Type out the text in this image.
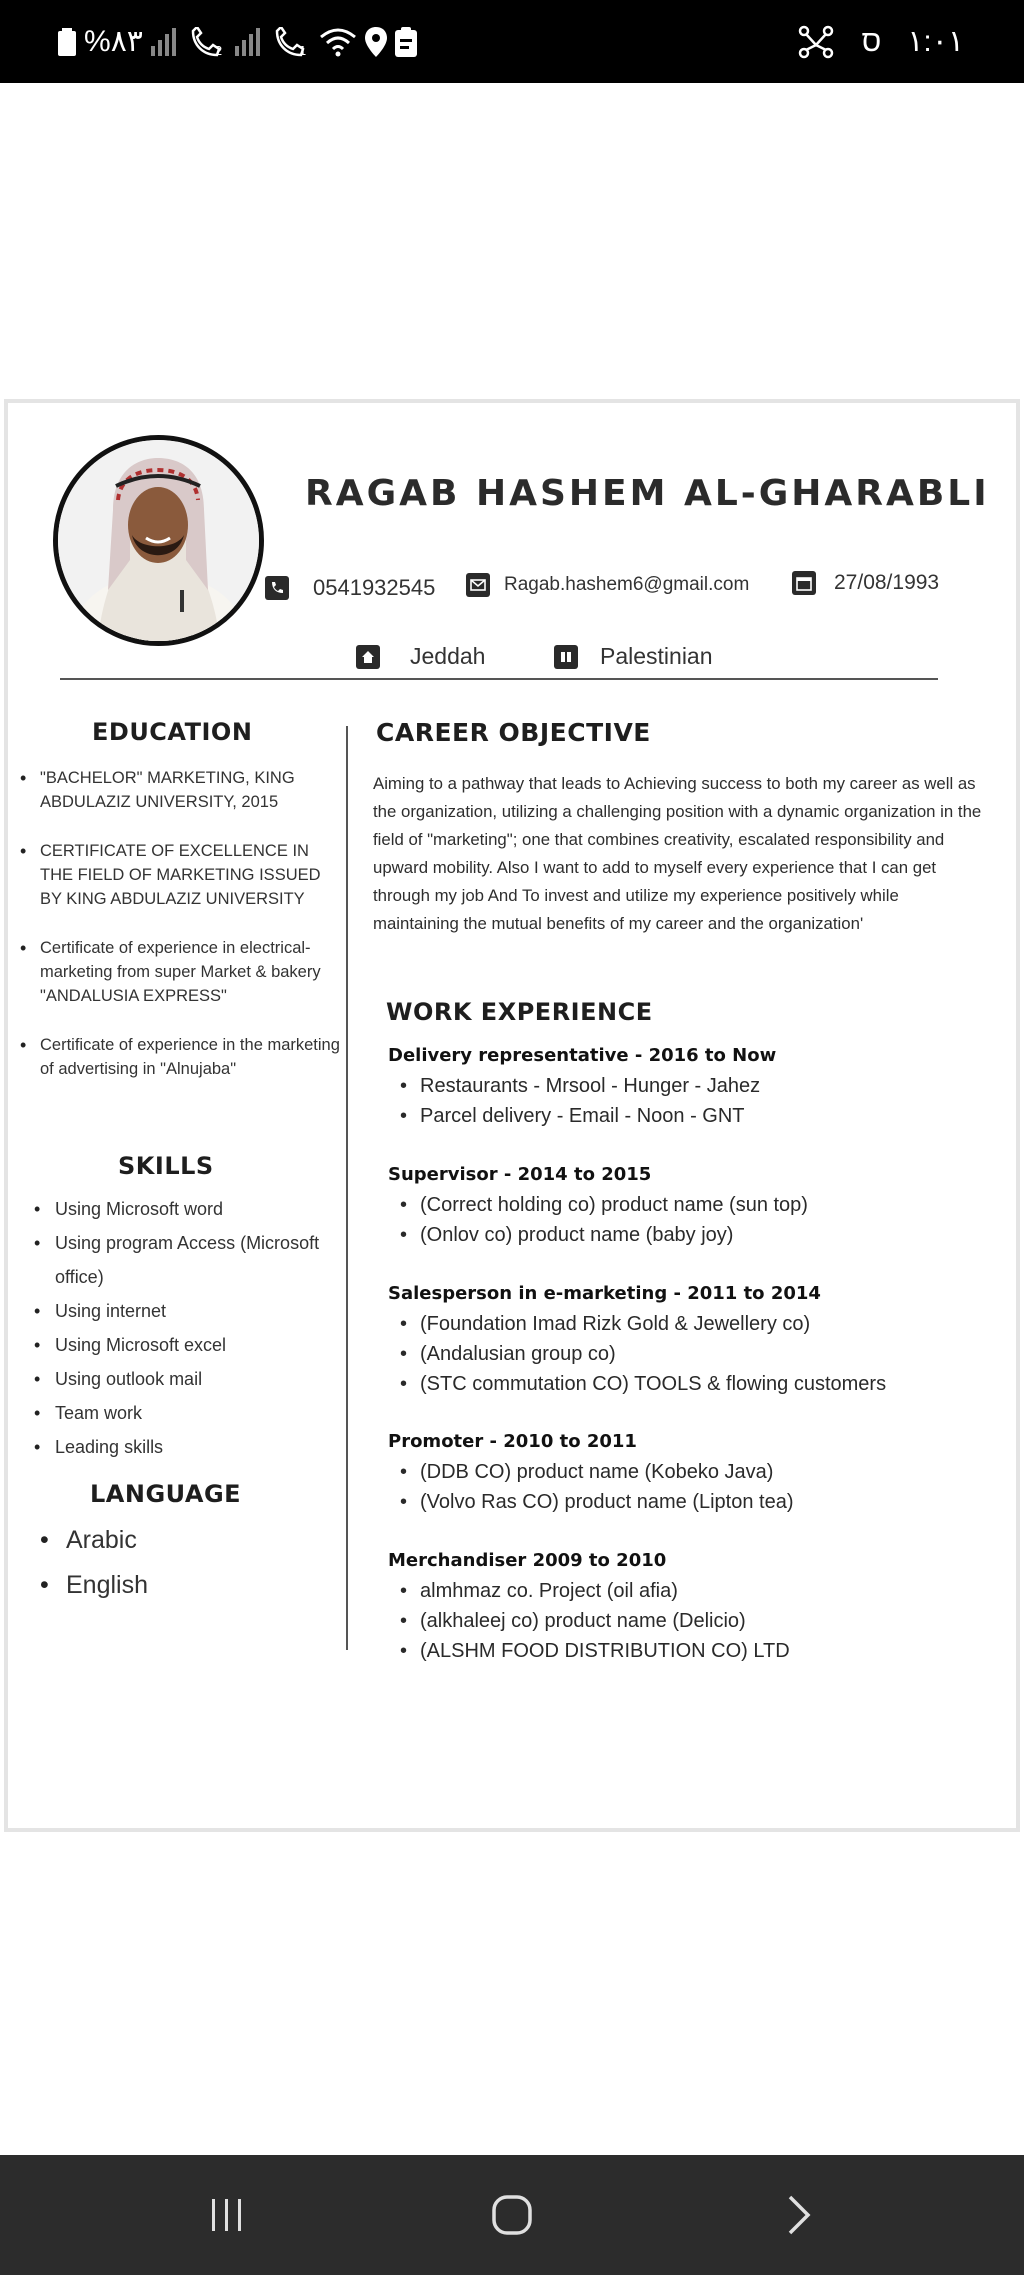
%٨٣	2	1	ס ١:٠١
RAGAB HASHEM AL-GHARABLI
0541932545	Ragab.hashem6@gmail.com	27/08/1993
Jeddah	Palestinian
EDUCATION
• "BACHELOR" MARKETING, KING ABDULAZIZ UNIVERSITY, 2015
• CERTIFICATE OF EXCELLENCE IN THE FIELD OF MARKETING ISSUED BY KING ABDULAZIZ UNIVERSITY
• Certificate of experience in electrical-marketing from super Market & bakery "ANDALUSIA EXPRESS"
• Certificate of experience in the marketing of advertising in "Alnujaba"
SKILLS
• Using Microsoft word
• Using program Access (Microsoft office)
• Using internet
• Using Microsoft excel
• Using outlook mail
• Team work
• Leading skills
LANGUAGE
• Arabic
• English
CAREER OBJECTIVE
Aiming to a pathway that leads to Achieving success to both my career as well as the organization, utilizing a challenging position with a dynamic organization in the field of "marketing"; one that combines creativity, escalated responsibility and upward mobility. Also I want to add to myself every experience that I can get through my job And To invest and utilize my experience positively while maintaining the mutual benefits of my career and the organization'
WORK EXPERIENCE
Delivery representative - 2016 to Now
• Restaurants - Mrsool - Hunger - Jahez
• Parcel delivery - Email - Noon - GNT
Supervisor - 2014 to 2015
• (Correct holding co) product name (sun top)
• (Onlov co) product name (baby joy)
Salesperson in e-marketing - 2011 to 2014
• (Foundation Imad Rizk Gold & Jewellery co)
• (Andalusian group co)
• (STC commutation CO) TOOLS & flowing customers
Promoter - 2010 to 2011
• (DDB CO) product name (Kobeko Java)
• (Volvo Ras CO) product name (Lipton tea)
Merchandiser 2009 to 2010
• almhmaz co. Project (oil afia)
• (alkhaleej co) product name (Delicio)
• (ALSHM FOOD DISTRIBUTION CO) LTD
